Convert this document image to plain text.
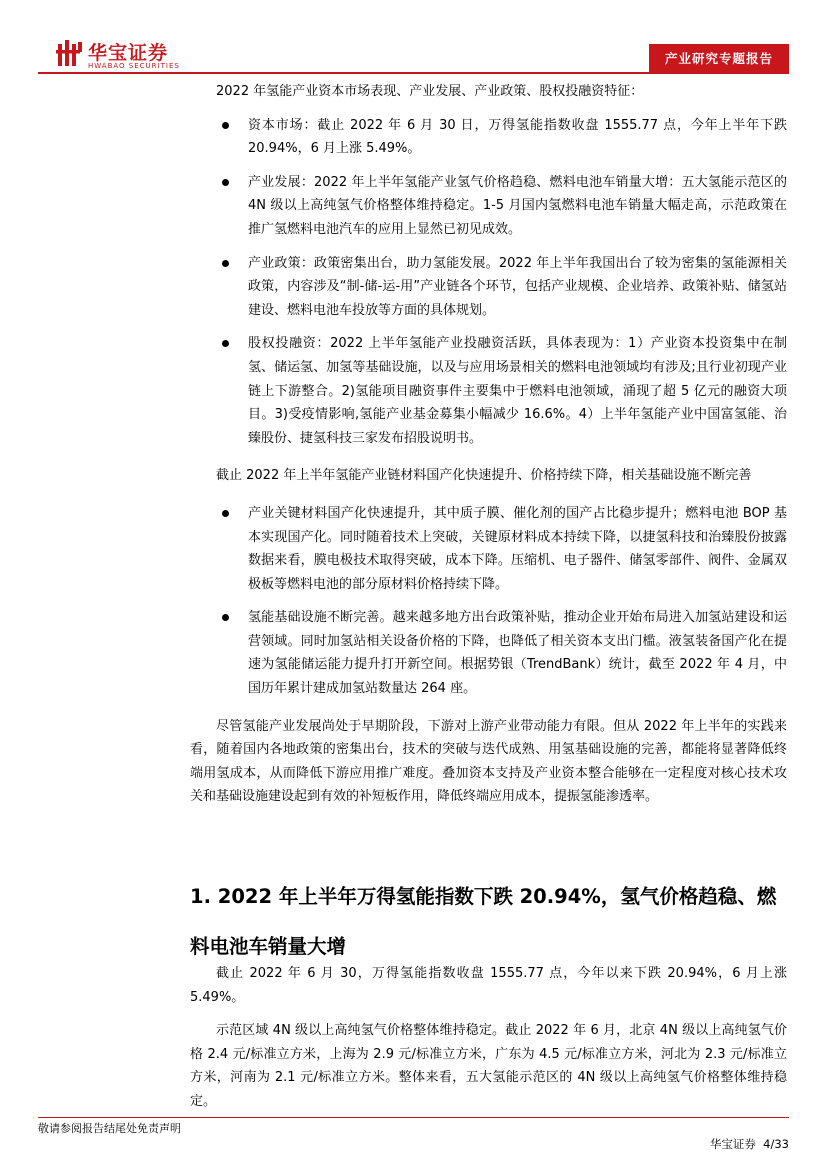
华宝证券
HWABAO SECURITIES	产业研究专题报告

2022 年氢能产业资本市场表现、产业发展、产业政策、股权投融资特征：

资本市场：截止 2022 年 6 月 30 日，万得氢能指数收盘 1555.77 点，今年上半年下跌 20.94%，6 月上涨 5.49%。
产业发展：2022 年上半年氢能产业氢气价格趋稳、燃料电池车销量大增：五大氢能示范区的 4N 级以上高纯氢气价格整体维持稳定。1-5 月国内氢燃料电池车销量大幅走高，示范政策在推广氢燃料电池汽车的应用上显然已初见成效。
产业政策：政策密集出台，助力氢能发展。2022 年上半年我国出台了较为密集的氢能源相关政策，内容涉及“制-储-运-用”产业链各个环节，包括产业规模、企业培养、政策补贴、储氢站建设、燃料电池车投放等方面的具体规划。
股权投融资：2022 上半年氢能产业投融资活跃，具体表现为：1）产业资本投资集中在制氢、储运氢、加氢等基础设施，以及与应用场景相关的燃料电池领域均有涉及;且行业初现产业链上下游整合。2)氢能项目融资事件主要集中于燃料电池领域，涌现了超 5 亿元的融资大项目。3)受疫情影响,氢能产业基金募集小幅减少 16.6%。4）上半年氢能产业中国富氢能、治臻股份、捷氢科技三家发布招股说明书。

截止 2022 年上半年氢能产业链材料国产化快速提升、价格持续下降，相关基础设施不断完善

产业关键材料国产化快速提升，其中质子膜、催化剂的国产占比稳步提升；燃料电池 BOP 基本实现国产化。同时随着技术上突破，关键原材料成本持续下降，以捷氢科技和治臻股份披露数据来看，膜电极技术取得突破，成本下降。压缩机、电子器件、储氢零部件、阀件、金属双极板等燃料电池的部分原材料价格持续下降。
氢能基础设施不断完善。越来越多地方出台政策补贴，推动企业开始布局进入加氢站建设和运营领域。同时加氢站相关设备价格的下降，也降低了相关资本支出门槛。液氢装备国产化在提速为氢能储运能力提升打开新空间。根据势银（TrendBank）统计，截至 2022 年 4 月，中国历年累计建成加氢站数量达 264 座。

尽管氢能产业发展尚处于早期阶段，下游对上游产业带动能力有限。但从 2022 年上半年的实践来看，随着国内各地政策的密集出台，技术的突破与迭代成熟、用氢基础设施的完善，都能将显著降低终端用氢成本，从而降低下游应用推广难度。叠加资本支持及产业资本整合能够在一定程度对核心技术攻关和基础设施建设起到有效的补短板作用，降低终端应用成本，提振氢能渗透率。

1. 2022 年上半年万得氢能指数下跌 20.94%，氢气价格趋稳、燃料电池车销量大增

截止 2022 年 6 月 30，万得氢能指数收盘 1555.77 点，今年以来下跌 20.94%，6 月上涨 5.49%。

示范区域 4N 级以上高纯氢气价格整体维持稳定。截止 2022 年 6 月，北京 4N 级以上高纯氢气价格 2.4 元/标准立方米，上海为 2.9 元/标准立方米，广东为 4.5 元/标准立方米，河北为 2.3 元/标准立方米，河南为 2.1 元/标准立方米。整体来看，五大氢能示范区的 4N 级以上高纯氢气价格整体维持稳定。

敬请参阅报告结尾处免责声明
华宝证券 4/33
